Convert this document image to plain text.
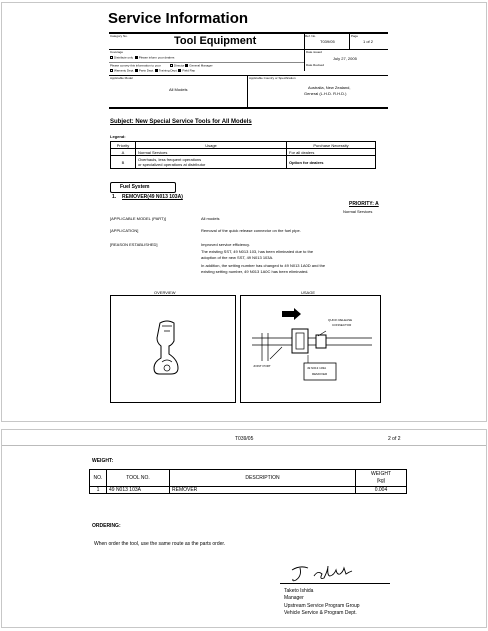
Service Information
Category No.	Tool Equipment	Ref. No.
T039/05
Page
1 of 2
Coverage
Distribute only Please inform your dealers
Date issued
July 27, 2005
Please convey this information to your	Director General Manager
Warranty Dept. Parts Dept. Training Dept. Field Rep
Date Revised
Applicable Model
All Models
Applicable Country or Specification
Australia, New Zealand,
General (L.H.D. R.H.D.)
Subject: New Special Service Tools for All Models
Legend:
Priority	Usage	Purchase Necessity
A	Normal Services	For all dealers
B	Overhauls, less frequent operations
or specialized operations at distributor	Option for dealers
Fuel System
1. REMOVER(49 N013 103A)
PRIORITY: A
Normal Services
[APPLICABLE MODEL (PART)]	All models
[APPLICATION]	Removal of the quick release connector on the fuel pipe.
[REASON ESTABLISHED]	Improved service efficiency.
The existing SST, 49 N013 103, has been eliminated due to the
adoption of the new SST, 49 N013 103A.
In addition, the setting number has changed to 49 N013 1A0D and the
existing setting number, 49 N013 1A0C has been eliminated.
OVERVIEW	USAGE
QUICK RELEASE
CONNECTOR
JOINT PORT	49 N013 103A
REMOVER
T039/05	2 of 2
WEIGHT:
NO.	TOOL NO.	DESCRIPTION	WEIGHT
(kg)
1	49 N013 103A	REMOVER	0.004
ORDERING:
When order the tool, use the same route as the parts order.
Taketo Ishida
Manager
Upstream Service Program Group
Vehicle Service & Program Dept.
